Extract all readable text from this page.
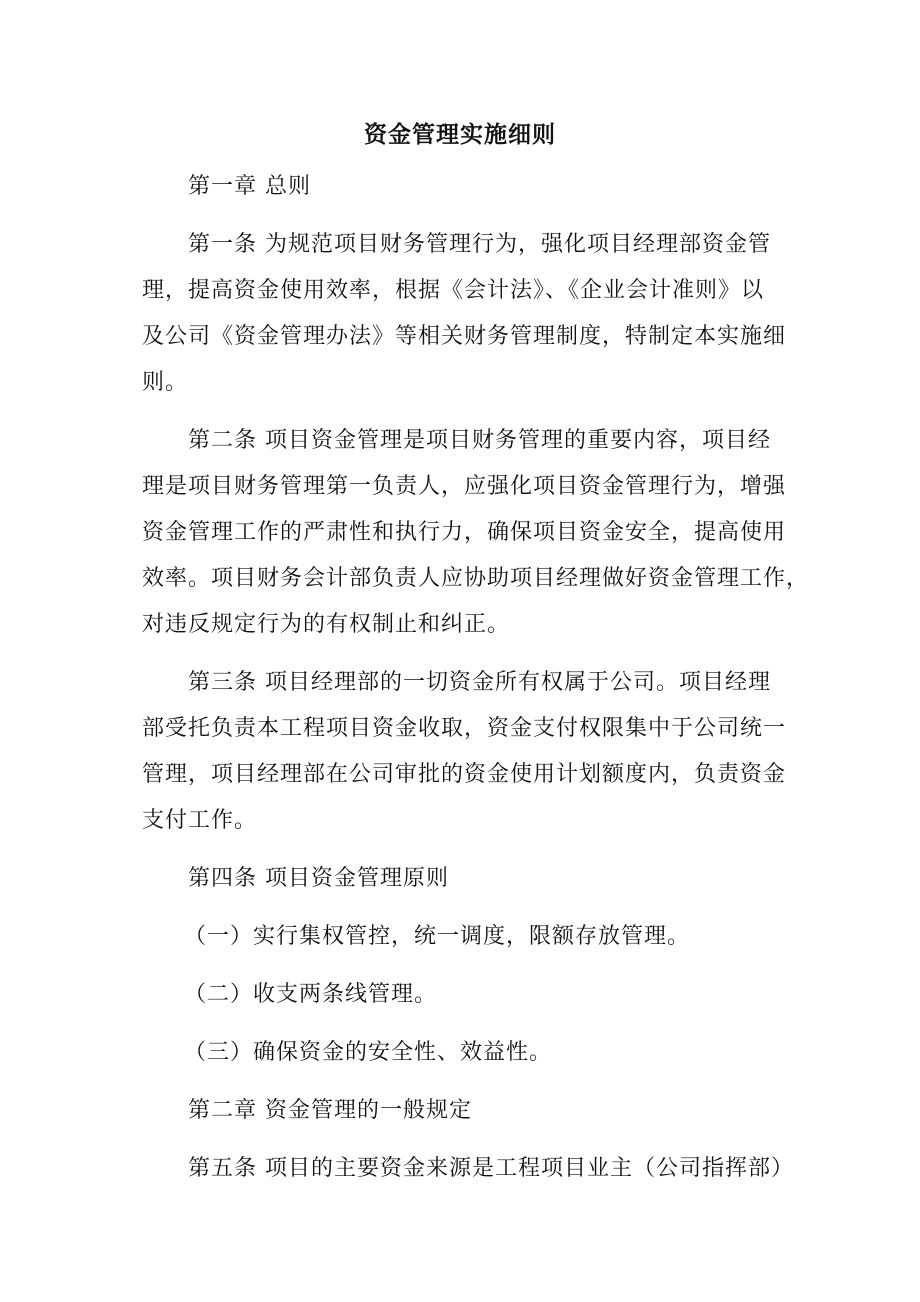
资金管理实施细则
第一章 总则
第一条 为规范项目财务管理行为，强化项目经理部资金管
理，提高资金使用效率，根据《会计法》、《企业会计准则》以
及公司《资金管理办法》等相关财务管理制度，特制定本实施细
则。
第二条 项目资金管理是项目财务管理的重要内容，项目经
理是项目财务管理第一负责人，应强化项目资金管理行为，增强
资金管理工作的严肃性和执行力，确保项目资金安全，提高使用
效率。项目财务会计部负责人应协助项目经理做好资金管理工作，
对违反规定行为的有权制止和纠正。
第三条 项目经理部的一切资金所有权属于公司。项目经理
部受托负责本工程项目资金收取，资金支付权限集中于公司统一
管理，项目经理部在公司审批的资金使用计划额度内，负责资金
支付工作。
第四条 项目资金管理原则
（一）实行集权管控，统一调度，限额存放管理。
（二）收支两条线管理。
（三）确保资金的安全性、效益性。
第二章 资金管理的一般规定
第五条 项目的主要资金来源是工程项目业主（公司指挥部）
